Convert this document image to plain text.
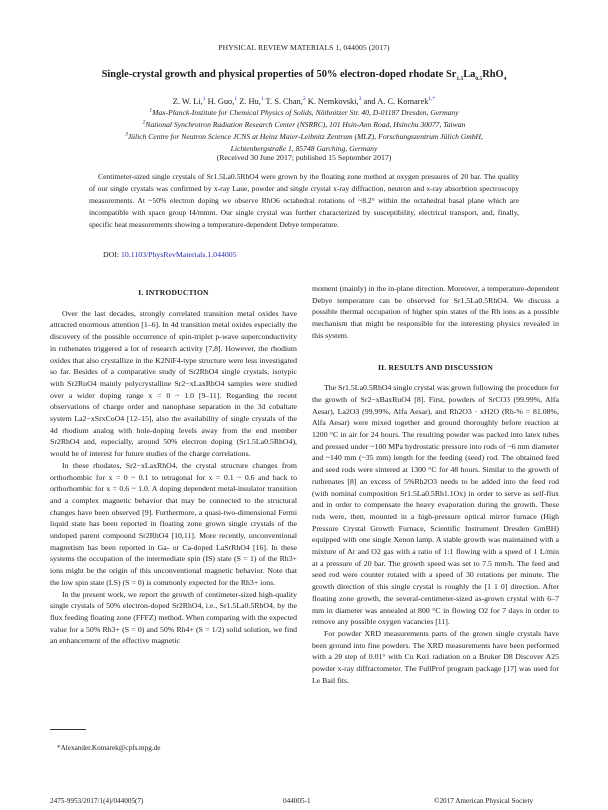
PHYSICAL REVIEW MATERIALS 1, 044005 (2017)
Single-crystal growth and physical properties of 50% electron-doped rhodate $Sr_{1.5}La_{0.5}RhO_4$
Z. W. Li,$^1$ H. Guo,$^1$ Z. Hu,$^1$ T. S. Chan,$^2$ K. Nemkovski,$^3$ and A. C. Komarek$^{1,*}$
$^1$Max-Planck-Institute for Chemical Physics of Solids, Nöthnitzer Str. 40, D-01187 Dresden, Germany
$^2$National Synchrotron Radiation Research Center (NSRRC), 101 Hsin-Ann Road, Hsinchu 30077, Taiwan
$^3$Jülich Centre for Neutron Science JCNS at Heinz Maier-Leibnitz Zentrum (MLZ), Forschungszentrum Jülich GmbH,
Lichtenbergstraße 1, 85748 Garching, Germany
(Received 30 June 2017; published 15 September 2017)
Centimeter-sized single crystals of Sr1.5La0.5RhO4 were grown by the floating zone method at oxygen pressures of 20 bar. The quality of our single crystals was confirmed by x-ray Laue, powder and single crystal x-ray diffraction, neutron and x-ray absorbtion spectroscopy measurements. At ~50% electron doping we observe RhO6 octahedral rotations of ~8.2° within the octahedral basal plane which are incompatible with space group I4/mmm. Our single crystal was further characterized by susceptibility, electrical transport, and, finally, specific heat measurements showing a temperature-dependent Debye temperature.
DOI: 10.1103/PhysRevMaterials.1.044005
I. INTRODUCTION

Over the last decades, strongly correlated transition metal oxides have attracted enormous attention [1–6]. In 4d transition metal oxides especially the discovery of the possible occurrence of spin-triplet p-wave superconductivity in ruthenates triggered a lot of research activity [7,8]. However, the rhodium oxides that also crystallize in the K2NiF4-type structure were less investigated so far. Besides of a comparative study of Sr2RhO4 single crystals, isotypic with Sr2RuO4 mainly polycrystalline Sr2−xLaxRhO4 samples were studied over a wider doping range x = 0 ~ 1.0 [9–11]. Regarding the recent observations of charge order and nanophase separation in the 3d cobaltate system La2−xSrxCoO4 [12–15], also the availability of single crystals of the 4d rhodium analog with hole-doping levels away from the end member Sr2RhO4 and, especially, around 50% electron doping (Sr1.5La0.5RhO4), would be of interest for future studies of the charge correlations.

In these rhodates, Sr2−xLaxRhO4, the crystal structure changes from orthorhombic for x = 0 ~ 0.1 to tetragonal for x = 0.1 ~ 0.6 and back to orthorhombic for x = 0.6 ~ 1.0. A doping dependent metal-insulator transition and a complex magnetic behavior that may be connected to the structural changes have been observed [9]. Furthermore, a quasi-two-dimensional Fermi liquid state has been reported in floating zone grown single crystals of the undoped parent compound Sr2RhO4 [10,11]. More recently, unconventional magnetism has been reported in Ga- or Ca-doped LaSrRhO4 [16]. In these systems the occupation of the intermediate spin (IS) state (S = 1) of the Rh3+ ions might be the origin of this unconventional magnetic behavior. Note that the low spin state (LS) (S = 0) is commonly expected for the Rh3+ ions.

In the present work, we report the growth of centimeter-sized high-quality single crystals of 50% electron-doped Sr2RhO4, i.e., Sr1.5La0.5RhO4, by the flux feeding floating zone (FFFZ) method. When comparing with the expected value for a 50% Rh3+ (S = 0) and 50% Rh4+ (S = 1/2) solid solution, we find an enhancement of the effective magnetic

moment (mainly) in the in-plane direction. Moreover, a temperature-dependent Debye temperature can be observed for Sr1.5La0.5RhO4. We discuss a possible thermal occupation of higher spin states of the Rh ions as a possible mechanism that might be responsible for the interesting physics revealed in this system.

II. RESULTS AND DISCUSSION

The Sr1.5La0.5RhO4 single crystal was grown following the procedure for the growth of Sr2−xBaxRuO4 [8]. First, powders of SrCO3 (99.99%, Alfa Aesar), La2O3 (99.99%, Alfa Aesar), and Rh2O3 · xH2O (Rh-% = 81.08%, Alfa Aesar) were mixed together and ground thoroughly before reaction at 1200 °C in air for 24 hours. The resulting powder was packed into latex tubes and pressed under ~100 MPa hydrostatic pressure into rods of ~6 mm diameter and ~140 mm (~35 mm) length for the feeding (seed) rod. The obtained feed and seed rods were sintered at 1300 °C for 48 hours. Similar to the growth of ruthenates [8] an excess of 5%Rh2O3 needs to be added into the feed rod (with nominal composition Sr1.5La0.5Rh1.1Ox) in order to serve as self-flux and in order to compensate the heavy evaporation during the growth. These rods were, then, mounted in a high-pressure optical mirror furnace (High Pressure Crystal Growth Furnace, Scientific Instrument Dresden GmBH) equipped with one single Xenon lamp. A stable growth was maintained with a mixture of Ar and O2 gas with a ratio of 1:1 flowing with a speed of 1 L/min at a pressure of 20 bar. The growth speed was set to 7.5 mm/h. The feed and seed rod were counter rotated with a speed of 30 rotations per minute. The growth direction of this single crystal is roughly the [1 1 0] direction. After floating zone growth, the several-centimeter-sized as-grown crystal with 6–7 mm in diameter was annealed at 800 °C in flowing O2 for 7 days in order to remove any possible oxygen vacancies [11].

For powder XRD measurements parts of the grown single crystals have been ground into fine powders. The XRD measurements have been performed with a 2θ step of 0.01° with Cu Kα1 radiation on a Bruker D8 Discover A25 powder x-ray diffractometer. The FullProf program package [17] was used for Le Bail fits.

*Alexander.Komarek@cpfs.mpg.de
2475-9953/2017/1(4)/044005(7)	044005-1	©2017 American Physical Society
